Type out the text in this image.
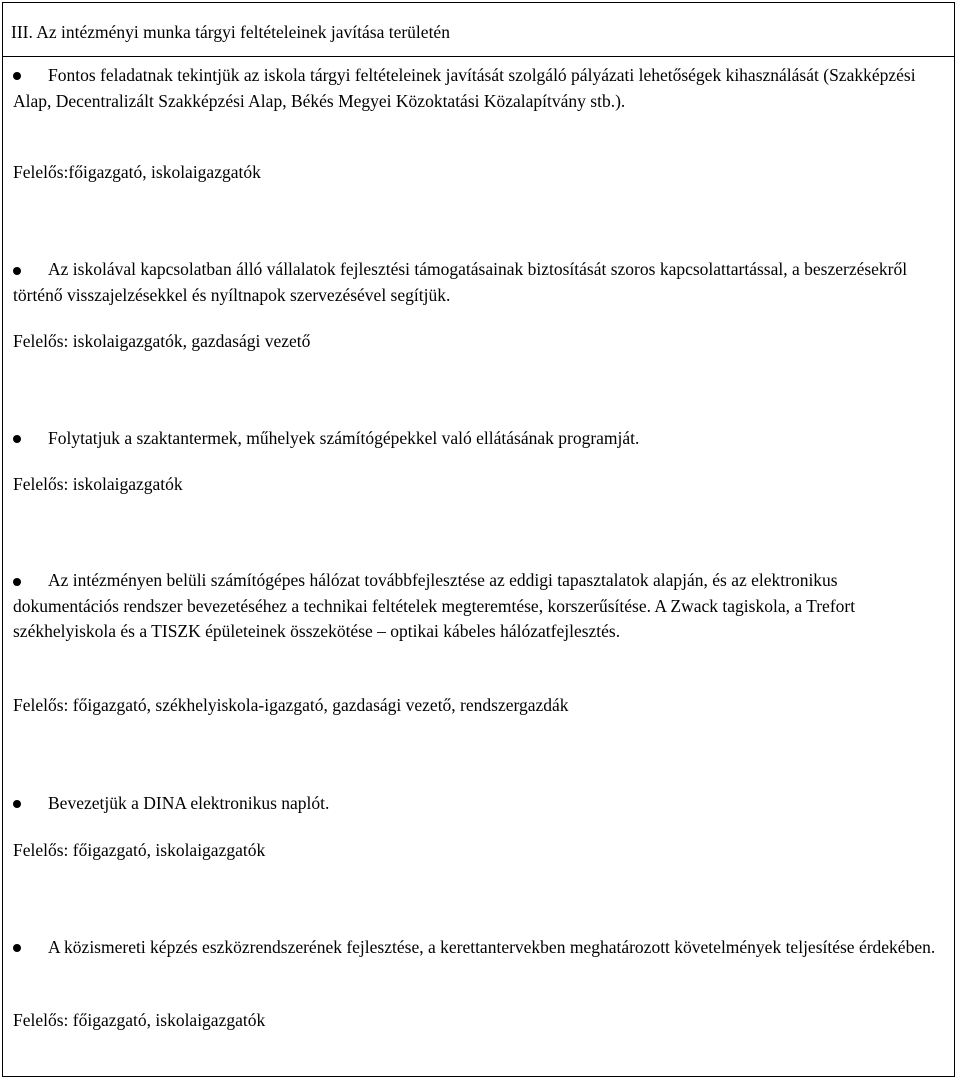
III. Az intézményi munka tárgyi feltételeinek javítása területén

Fontos feladatnak tekintjük az iskola tárgyi feltételeinek javítását szolgáló pályázati lehetőségek kihasználását (Szakképzési Alap, Decentralizált Szakképzési Alap, Békés Megyei Közoktatási Közalapítvány stb.).

Felelős:főigazgató, iskolaigazgatók

Az iskolával kapcsolatban álló vállalatok fejlesztési támogatásainak biztosítását szoros kapcsolattartással, a beszerzésekről történő visszajelzésekkel és nyíltnapok szervezésével segítjük.

Felelős: iskolaigazgatók, gazdasági vezető

Folytatjuk a szaktantermek, műhelyek számítógépekkel való ellátásának programját.

Felelős: iskolaigazgatók

Az intézményen belüli számítógépes hálózat továbbfejlesztése az eddigi tapasztalatok alapján, és az elektronikus dokumentációs rendszer bevezetéséhez a technikai feltételek megteremtése, korszerűsítése. A Zwack tagiskola, a Trefort székhelyiskola és a TISZK épületeinek összekötése – optikai kábeles hálózatfejlesztés.

Felelős: főigazgató, székhelyiskola-igazgató, gazdasági vezető, rendszergazdák

Bevezetjük a DINA elektronikus naplót.

Felelős: főigazgató, iskolaigazgatók

A közismereti képzés eszközrendszerének fejlesztése, a kerettantervekben meghatározott követelmények teljesítése érdekében.

Felelős: főigazgató, iskolaigazgatók
